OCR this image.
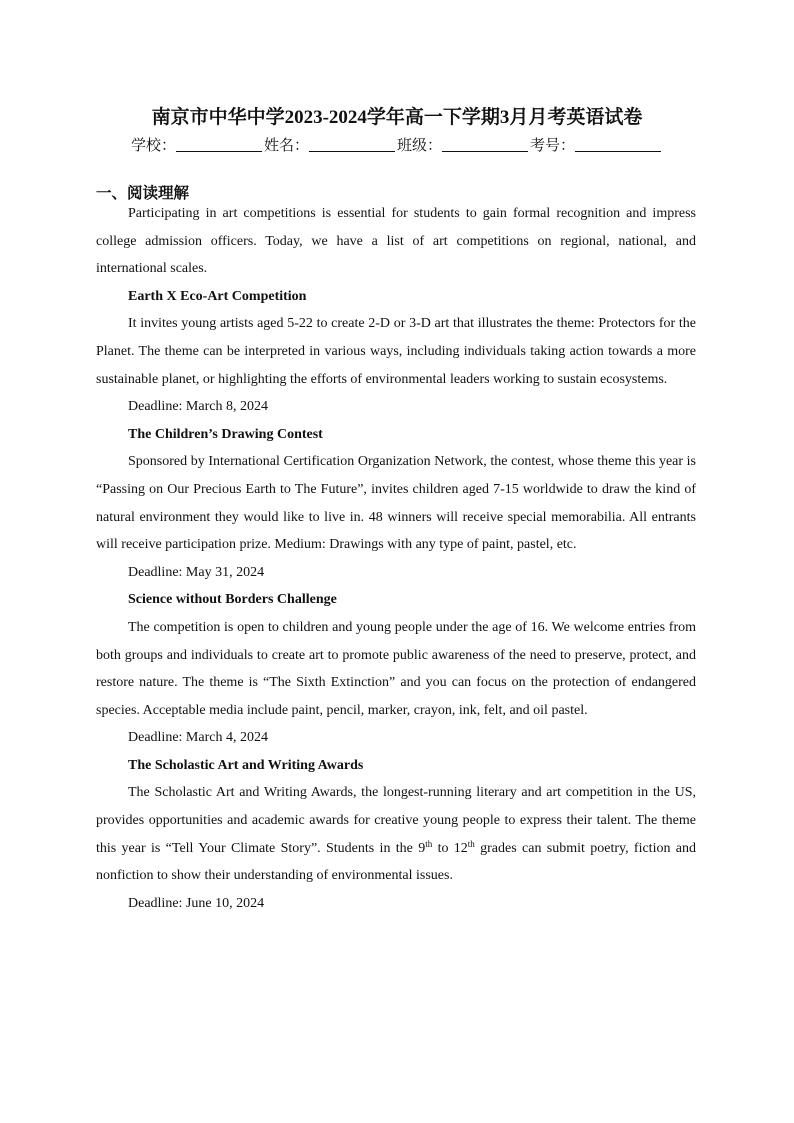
南京市中华中学2023-2024学年高一下学期3月月考英语试卷
学校：	姓名：	班级：	考号：
一、阅读理解

Participating in art competitions is essential for students to gain formal recognition and impress college admission officers. Today, we have a list of art competitions on regional, national, and international scales.

Earth X Eco-Art Competition

It invites young artists aged 5-22 to create 2-D or 3-D art that illustrates the theme: Protectors for the Planet. The theme can be interpreted in various ways, including individuals taking action towards a more sustainable planet, or highlighting the efforts of environmental leaders working to sustain ecosystems.

Deadline: March 8, 2024

The Children’s Drawing Contest

Sponsored by International Certification Organization Network, the contest, whose theme this year is “Passing on Our Precious Earth to The Future”, invites children aged 7-15 worldwide to draw the kind of natural environment they would like to live in. 48 winners will receive special memorabilia. All entrants will receive participation prize. Medium: Drawings with any type of paint, pastel, etc.

Deadline: May 31, 2024

Science without Borders Challenge

The competition is open to children and young people under the age of 16. We welcome entries from both groups and individuals to create art to promote public awareness of the need to preserve, protect, and restore nature. The theme is “The Sixth Extinction” and you can focus on the protection of endangered species. Acceptable media include paint, pencil, marker, crayon, ink, felt, and oil pastel.

Deadline: March 4, 2024

The Scholastic Art and Writing Awards

The Scholastic Art and Writing Awards, the longest-running literary and art competition in the US, provides opportunities and academic awards for creative young people to express their talent. The theme this year is “Tell Your Climate Story”. Students in the 9th to 12th grades can submit poetry, fiction and nonfiction to show their understanding of environmental issues.

Deadline: June 10, 2024
